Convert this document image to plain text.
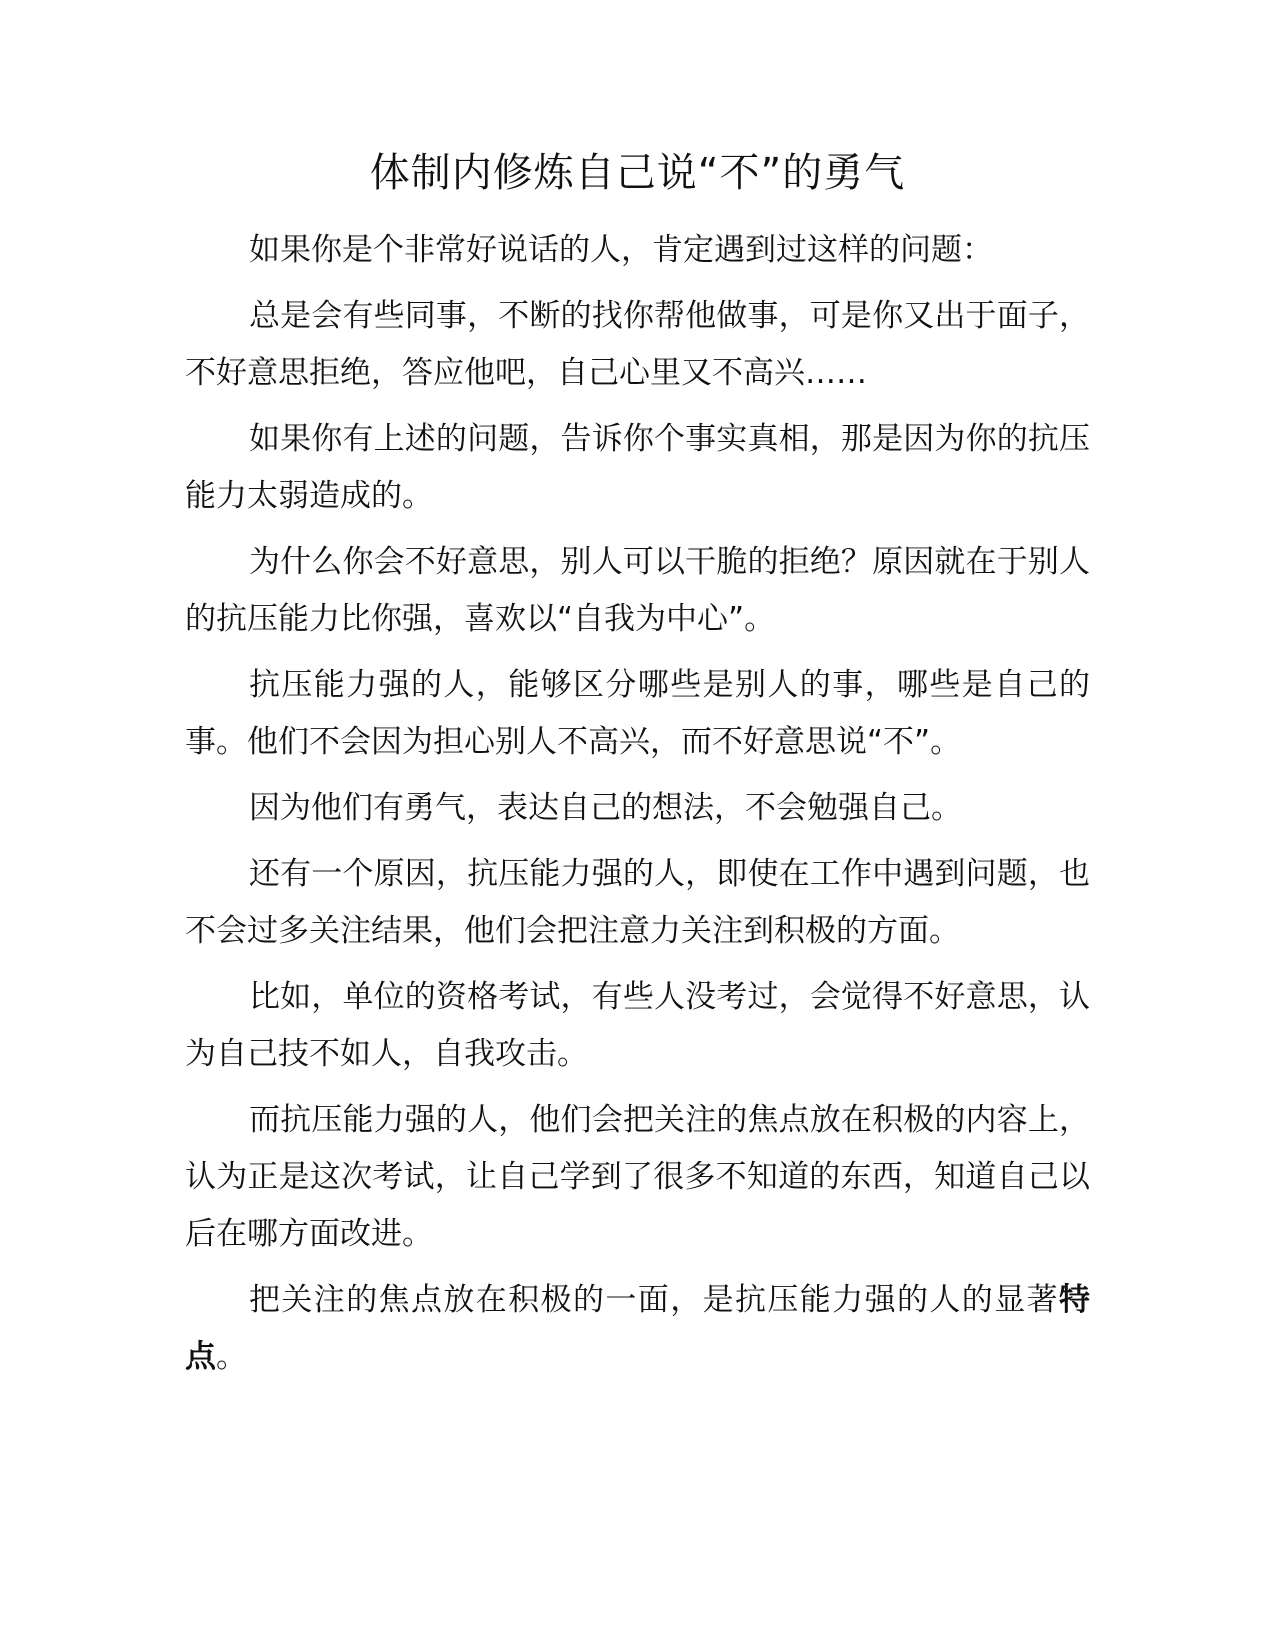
体制内修炼自己说“不”的勇气

如果你是个非常好说话的人，肯定遇到过这样的问题：

总是会有些同事，不断的找你帮他做事，可是你又出于面子，不好意思拒绝，答应他吧，自己心里又不高兴……

如果你有上述的问题，告诉你个事实真相，那是因为你的抗压能力太弱造成的。

为什么你会不好意思，别人可以干脆的拒绝？原因就在于别人的抗压能力比你强，喜欢以“自我为中心”。

抗压能力强的人，能够区分哪些是别人的事，哪些是自己的事。他们不会因为担心别人不高兴，而不好意思说“不”。

因为他们有勇气，表达自己的想法，不会勉强自己。

还有一个原因，抗压能力强的人，即使在工作中遇到问题，也不会过多关注结果，他们会把注意力关注到积极的方面。

比如，单位的资格考试，有些人没考过，会觉得不好意思，认为自己技不如人，自我攻击。

而抗压能力强的人，他们会把关注的焦点放在积极的内容上，认为正是这次考试，让自己学到了很多不知道的东西，知道自己以后在哪方面改进。

把关注的焦点放在积极的一面，是抗压能力强的人的显著特点。
